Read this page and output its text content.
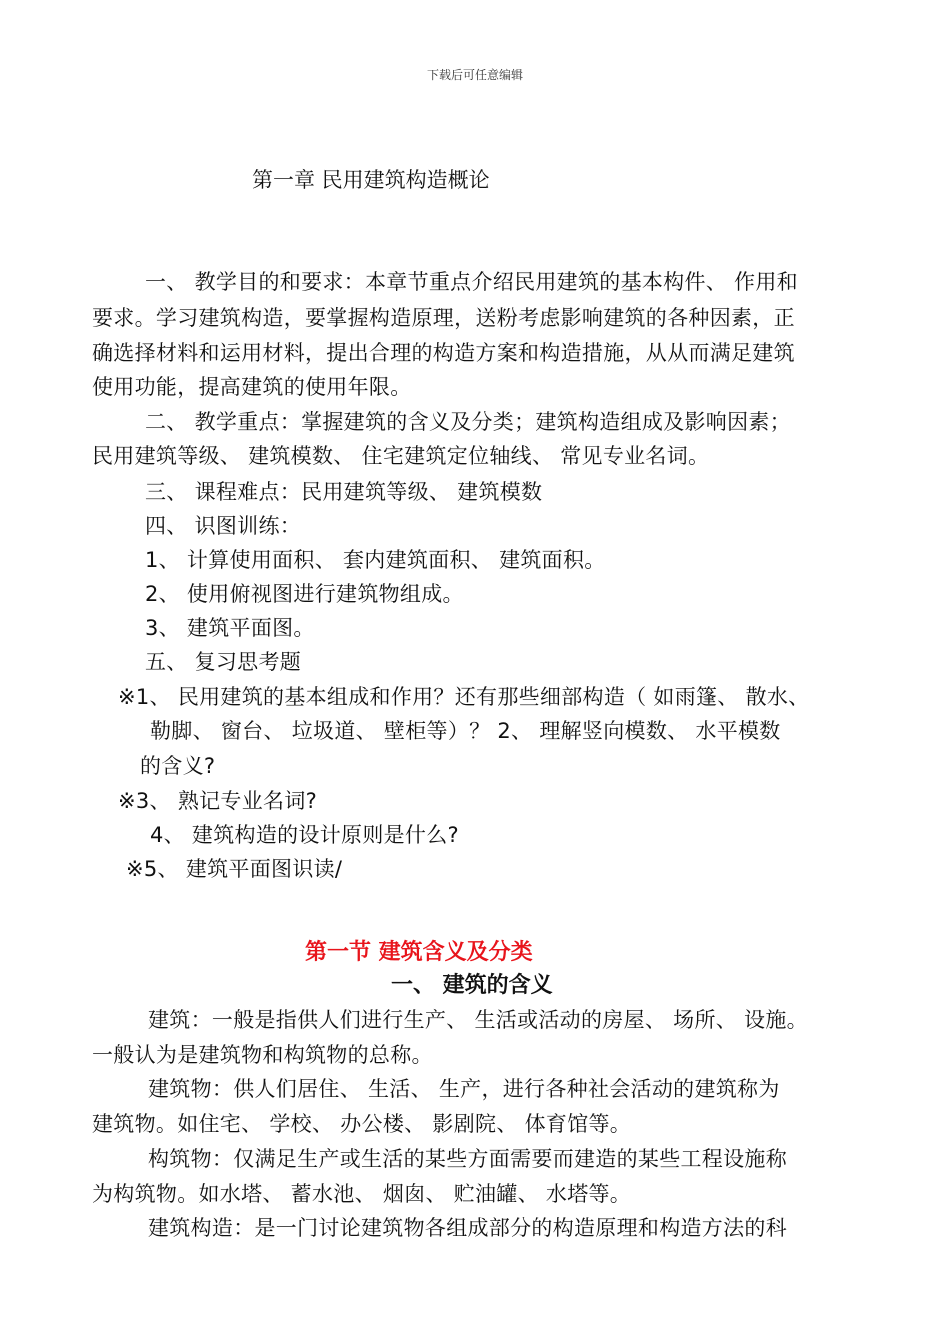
下载后可任意编辑
第一章 民用建筑构造概论
一、 教学目的和要求：本章节重点介绍民用建筑的基本构件、 作用和
要求。学习建筑构造，要掌握构造原理，送粉考虑影响建筑的各种因素，正
确选择材料和运用材料，提出合理的构造方案和构造措施，从从而满足建筑
使用功能，提高建筑的使用年限。
二、 教学重点：掌握建筑的含义及分类；建筑构造组成及影响因素；
民用建筑等级、 建筑模数、 住宅建筑定位轴线、 常见专业名词。
三、 课程难点：民用建筑等级、 建筑模数
四、 识图训练：
1、 计算使用面积、 套内建筑面积、 建筑面积。
2、 使用俯视图进行建筑物组成。
3、 建筑平面图。
五、 复习思考题
※1、 民用建筑的基本组成和作用？还有那些细部构造（ 如雨篷、 散水、
勒脚、 窗台、 垃圾道、 壁柜等）？ 2、 理解竖向模数、 水平模数
的含义?
※3、 熟记专业名词?
4、 建筑构造的设计原则是什么?
※5、 建筑平面图识读/
第一节 建筑含义及分类
一、 建筑的含义
建筑：一般是指供人们进行生产、 生活或活动的房屋、 场所、 设施。
一般认为是建筑物和构筑物的总称。
建筑物：供人们居住、 生活、 生产，进行各种社会活动的建筑称为
建筑物。如住宅、 学校、 办公楼、 影剧院、 体育馆等。
构筑物：仅满足生产或生活的某些方面需要而建造的某些工程设施称
为构筑物。如水塔、 蓄水池、 烟囱、 贮油罐、 水塔等。
建筑构造：是一门讨论建筑物各组成部分的构造原理和构造方法的科
